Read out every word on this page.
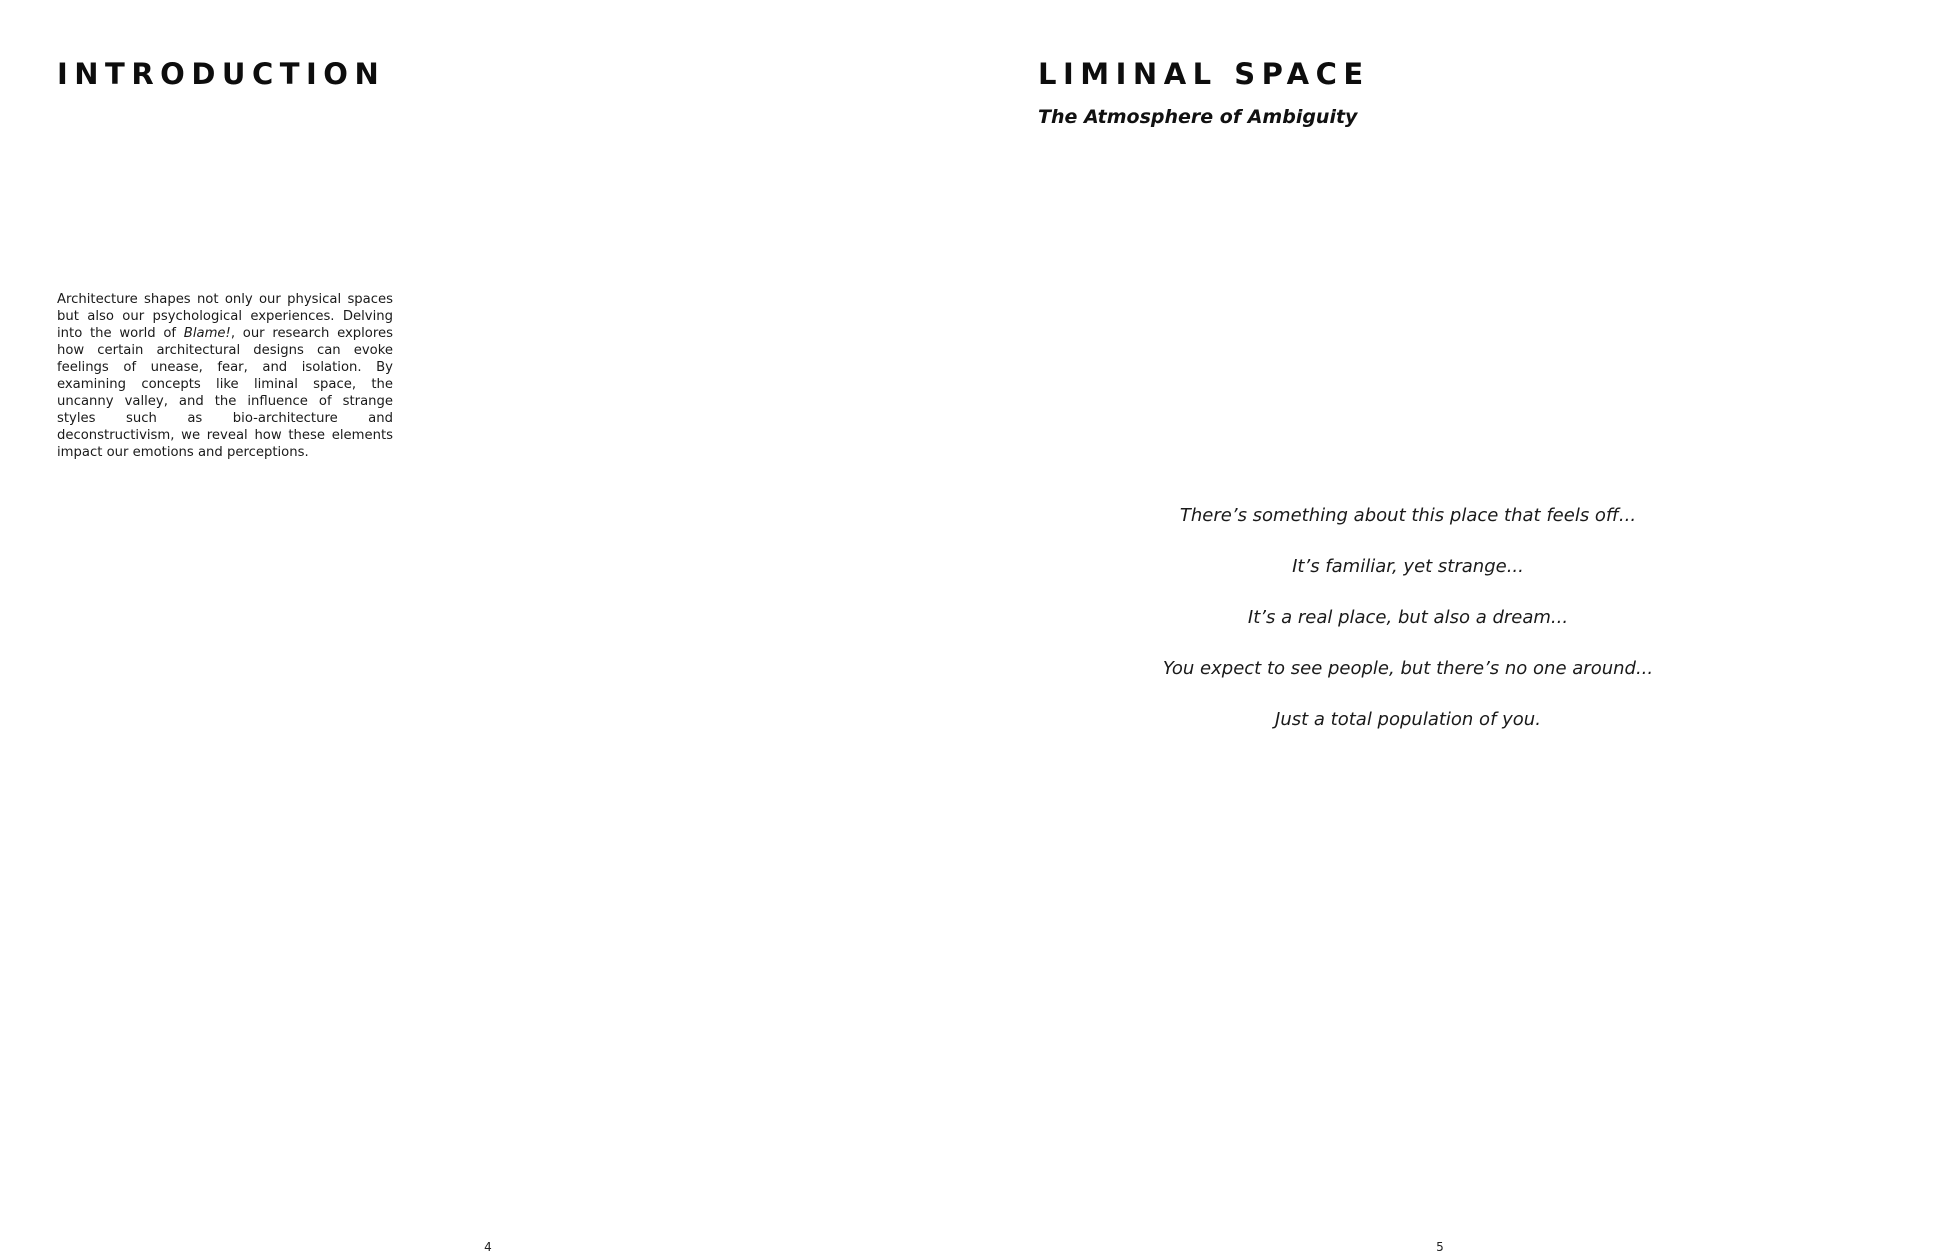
INTRODUCTION

Architecture shapes not only our physical spaces but also our psychological experiences. Delving into the world of Blame!, our research explores how certain architectural designs can evoke feelings of unease, fear, and isolation. By examining concepts like liminal space, the uncanny valley, and the influence of strange styles such as bio-architecture and deconstructivism, we reveal how these elements impact our emotions and perceptions.

4
LIMINAL SPACE
The Atmosphere of Ambiguity

There’s something about this place that feels off...

It’s familiar, yet strange...

It’s a real place, but also a dream...

You expect to see people, but there’s no one around...

Just a total population of you.

5
